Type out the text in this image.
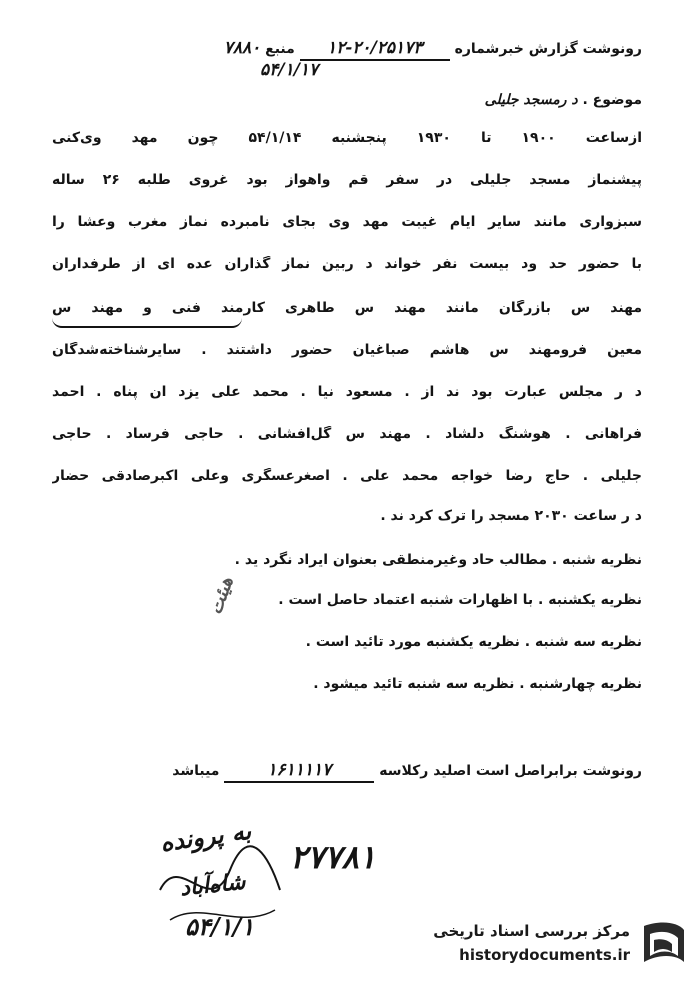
رونوشت گزارش خبرشماره ۱۲-۲۰/۲۵۱۷۳ منبع ۷۸۸۰
۵۴/۱/۱۷
موضوع . د رمسجد جلیلی
ازساعت ۱۹۰۰ تا ۱۹۳۰ پنجشنبه ۵۴/۱/۱۴ چون مهد وی‌کنی
پیشنماز مسجد جلیلی در سفر قم واهواز بود غروی طلبه ۲۶ ساله
سبزواری مانند سایر ایام غیبت مهد وی بجای نامبرده نماز مغرب وعشا را
با حضور حد ود بیست نفر خواند د ربین نماز گذاران عده ای از طرفداران
مهند س بازرگان مانند مهند س طاهری کارمند فنی و مهند س
معین فرومهند س هاشم صباغیان حضور داشتند . سایرشناخته‌شدگان
د ر مجلس عبارت بود ند از . مسعود نیا . محمد علی یزد ان پناه . احمد
فراهانی . هوشنگ دلشاد . مهند س گل‌افشانی . حاجی فرساد . حاجی
جلیلی . حاج رضا خواجه محمد علی . اصغرعسگری وعلی اکبرصادقی حضار
د ر ساعت ۲۰۳۰ مسجد را ترک کرد ند .
نظریه شنبه . مطالب حاد وغیرمنطقی بعنوان ایراد نگرد ید .
نظریه یکشنبه . با اظهارات شنبه اعتماد حاصل است .
نظریه سه شنبه . نظریه یکشنبه مورد تائید است .
نظریه چهارشنبه . نظریه سه شنبه تائید میشود .
هیئت
رونوشت برابراصل است اصلید رکلاسه ۱۶۱۱۱۱۷ میباشد
۲۷۷۸۱
به پرونده
شاه‌آباد
۵۴/۱/۱	مرکز بررسی اسناد تاریخی
historydocuments.ir
